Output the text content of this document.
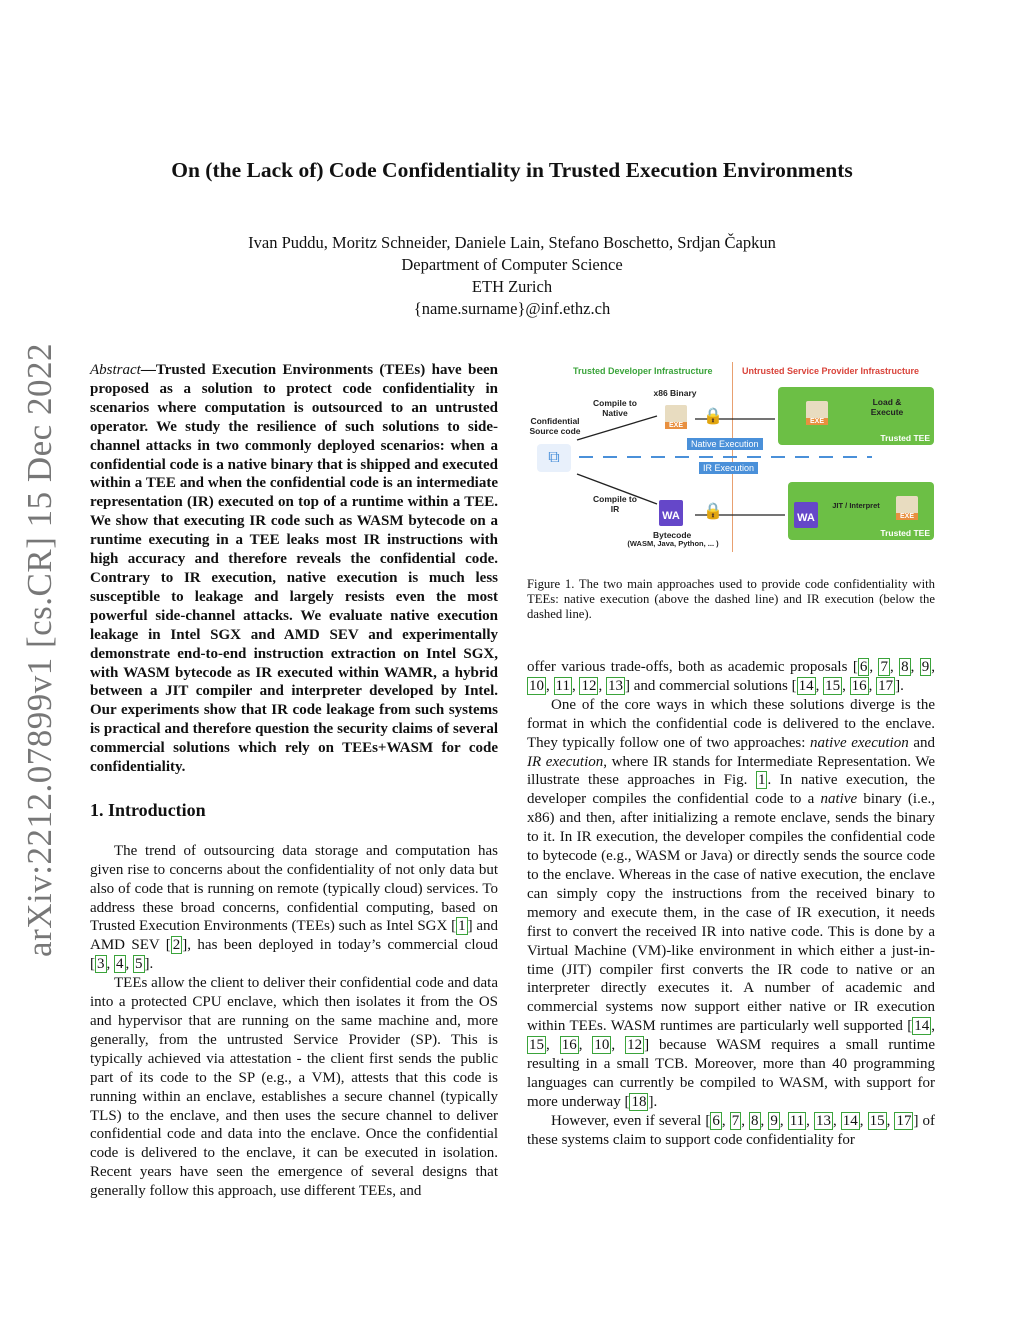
arXiv:2212.07899v1 [cs.CR] 15 Dec 2022
On (the Lack of) Code Confidentiality in Trusted Execution Environments
Ivan Puddu, Moritz Schneider, Daniele Lain, Stefano Boschetto, Srdjan Čapkun
Department of Computer Science
ETH Zurich
{name.surname}@inf.ethz.ch

Abstract—Trusted Execution Environments (TEEs) have been proposed as a solution to protect code confidentiality in scenarios where computation is outsourced to an untrusted operator. We study the resilience of such solutions to side-channel attacks in two commonly deployed scenarios: when a confidential code is a native binary that is shipped and executed within a TEE and when the confidential code is an intermediate representation (IR) executed on top of a runtime within a TEE. We show that executing IR code such as WASM bytecode on a runtime executing in a TEE leaks most IR instructions with high accuracy and therefore reveals the confidential code. Contrary to IR execution, native execution is much less susceptible to leakage and largely resists even the most powerful side-channel attacks. We evaluate native execution leakage in Intel SGX and AMD SEV and experimentally demonstrate end-to-end instruction extraction on Intel SGX, with WASM bytecode as IR executed within WAMR, a hybrid between a JIT compiler and interpreter developed by Intel. Our experiments show that IR code leakage from such systems is practical and therefore question the security claims of several commercial solutions which rely on TEEs+WASM for code confidentiality.

1. Introduction

The trend of outsourcing data storage and computation has given rise to concerns about the confidentiality of not only data but also of code that is running on remote (typically cloud) services. To address these broad concerns, confidential computing, based on Trusted Execution Environments (TEEs) such as Intel SGX [ 1 ] and AMD SEV [ 2 ], has been deployed in today’s commercial cloud [ 3 , 4 , 5 ].

TEEs allow the client to deliver their confidential code and data into a protected CPU enclave, which then isolates it from the OS and hypervisor that are running on the same machine and, more generally, from the untrusted Service Provider (SP). This is typically achieved via attestation - the client first sends the public part of its code to the SP (e.g., a VM), attests that this code is running within an enclave, establishes a secure channel (typically TLS) to the enclave, and then uses the secure channel to deliver confidential code and data into the enclave. Once the confidential code is delivered to the enclave, it can be executed in isolation. Recent years have seen the emergence of several designs that generally follow this approach, use different TEEs, and

Trusted Developer Infrastructure	Untrusted Service Provider Infrastructure
Confidential Source code
⧉
Compile to Native
x86 Binary
EXE
🔒	EXE
Load & Execute
Trusted TEE
Native Execution
IR Execution
Compile to IR
WA 🔒
Bytecode
(WASM, Java, Python, ... )
WA
JIT / Interpret
EXE
Trusted TEE
Figure 1. The two main approaches used to provide code confidentiality with TEEs: native execution (above the dashed line) and IR execution (below the dashed line).

offer various trade-offs, both as academic proposals [ 6 , 7 , 8 , 9 , 10 , 11 , 12 , 13 ] and commercial solutions [ 14 , 15 , 16 , 17 ].

One of the core ways in which these solutions diverge is the format in which the confidential code is delivered to the enclave. They typically follow one of two approaches: native execution and IR execution, where IR stands for Intermediate Representation. We illustrate these approaches in Fig. 1 . In native execution, the developer compiles the confidential code to a native binary (i.e., x86) and then, after initializing a remote enclave, sends the binary to it. In IR execution, the developer compiles the confidential code to bytecode (e.g., WASM or Java) or directly sends the source code to the enclave. Whereas in the case of native execution, the enclave can simply copy the instructions from the received binary to memory and execute them, in the case of IR execution, it needs first to convert the received IR into native code. This is done by a Virtual Machine (VM)-like environment in which either a just-in-time (JIT) compiler first converts the IR code to native or an interpreter directly executes it. A number of academic and commercial systems now support either native or IR execution within TEEs. WASM runtimes are particularly well supported [ 14 , 15 , 16 , 10 , 12 ] because WASM requires a small runtime resulting in a small TCB. Moreover, more than 40 programming languages can currently be compiled to WASM, with support for more underway [ 18 ].

However, even if several [ 6 , 7 , 8 , 9 , 11 , 13 , 14 , 15 , 17 ] of these systems claim to support code confidentiality for
